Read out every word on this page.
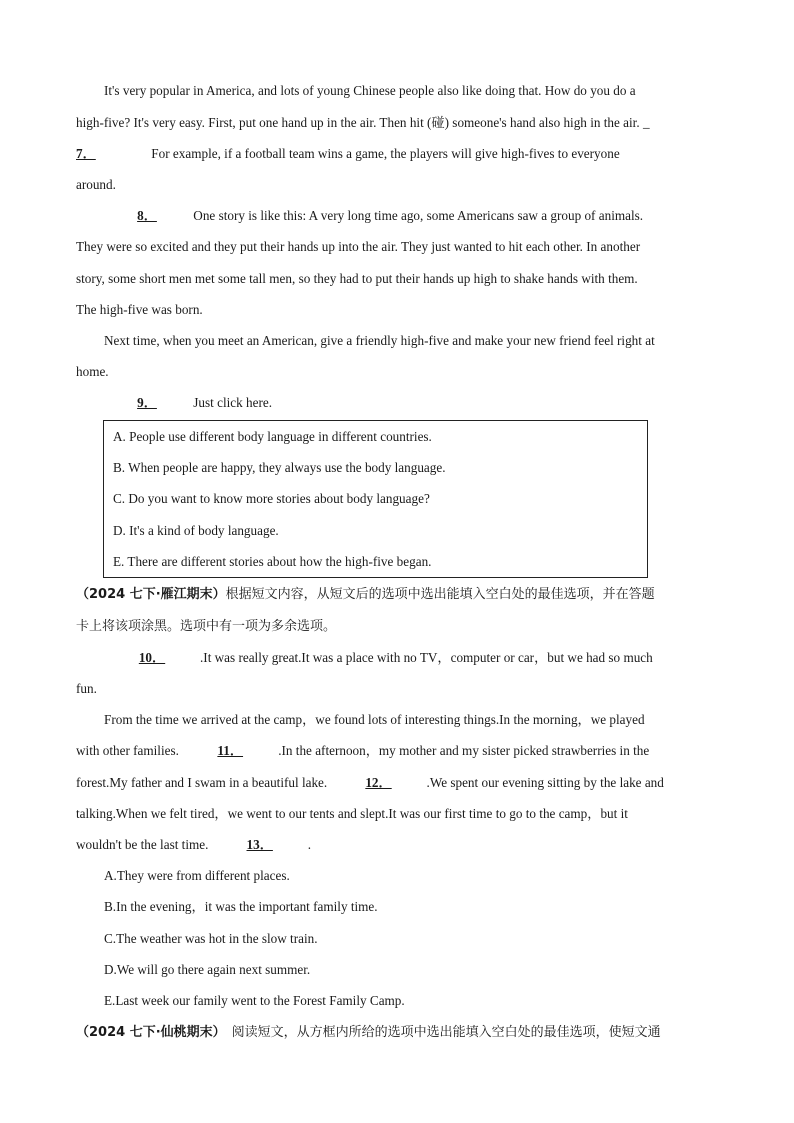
It's very popular in America, and lots of young Chinese people also like doing that. How do you do a
high-five? It's very easy. First, put one hand up in the air. Then hit (碰) someone's hand also high in the air. _
7．	For example, if a football team wins a game, the players will give high-fives to everyone
around.
8．	One story is like this: A very long time ago, some Americans saw a group of animals.
They were so excited and they put their hands up into the air. They just wanted to hit each other. In another
story, some short men met some tall men, so they had to put their hands up high to shake hands with them.
The high-five was born.
Next time, when you meet an American, give a friendly high-five and make your new friend feel right at
home.
9．	Just click here.
A. People use different body language in different countries.
B. When people are happy, they always use the body language.
C. Do you want to know more stories about body language?
D. It's a kind of body language.
E. There are different stories about how the high-five began.
（2024 七下·雁江期末）根据短文内容，从短文后的选项中选出能填入空白处的最佳选项，并在答题
卡上将该项涂黑。选项中有一项为多余选项。
10．	.It was really great.It was a place with no TV，computer or car，but we had so much
fun.
From the time we arrived at the camp，we found lots of interesting things.In the morning，we played
with other families.	11．	.In the afternoon，my mother and my sister picked strawberries in the
forest.My father and I swam in a beautiful lake.	12．	.We spent our evening sitting by the lake and
talking.When we felt tired，we went to our tents and slept.It was our first time to go to the camp，but it
wouldn't be the last time.	13．	.
A.They were from different places.
B.In the evening，it was the important family time.
C.The weather was hot in the slow train.
D.We will go there again next summer.
E.Last week our family went to the Forest Family Camp.
（2024 七下·仙桃期末） 阅读短文，从方框内所给的选项中选出能填入空白处的最佳选项，使短文通
